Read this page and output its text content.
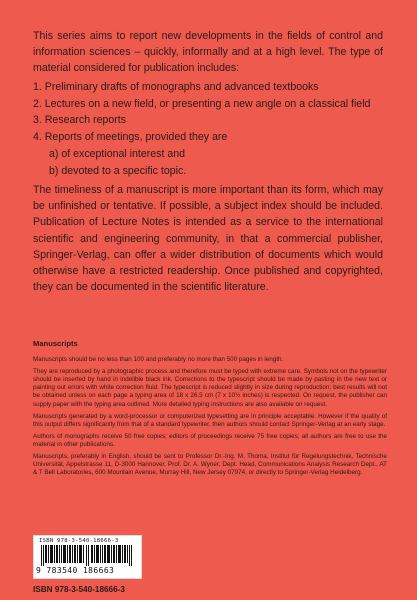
This series aims to report new developments in the fields of control and information sciences – quickly, informally and at a high level. The type of material considered for publication includes:

1. Preliminary drafts of monographs and advanced textbooks
2. Lectures on a new field, or presenting a new angle on a classical field
3. Research reports
4. Reports of meetings, provided they are
a) of exceptional interest and
b) devoted to a specific topic.

The timeliness of a manuscript is more important than its form, which may be unfinished or tentative. If possible, a subject index should be included. Publication of Lecture Notes is intended as a service to the international scientific and engineering community, in that a commercial publisher, Springer-Verlag, can offer a wider distribution of documents which would otherwise have a restricted readership. Once published and copyrighted, they can be documented in the scientific literature.

Manuscripts

Manuscripts should be no less than 100 and preferably no more than 500 pages in length.

They are reproduced by a photographic process and therefore must be typed with extreme care. Symbols not on the typewriter should be inserted by hand in indelible black ink. Corrections to the typescript should be made by pasting in the new text or painting out errors with white correction fluid. The typescript is reduced slightly in size during reproduction; best results will not be obtained unless on each page a typing area of 18 x 26.5 cm (7 x 10½ inches) is respected. On request, the publisher can supply paper with the typing area outlined. More detailed typing instructions are also available on request.

Manuscripts generated by a word-processor or computerized typesetting are in principle acceptable. However if the quality of this output differs significantly from that of a standard typewriter, then authors should contact Springer-Verlag at an early stage.

Authors of monographs receive 50 free copies; editors of proceedings receive 75 free copies; all authors are free to use the material in other publications.

Manuscripts, preferably in English, should be sent to Professor Dr.-Ing. M. Thoma, Institut für Regelungstechnik, Technische Universität, Appelstrasse 11, D-3000 Hannover. Prof. Dr. A. Wyner, Dept. Head, Communications Analysis Research Dept., AT & T Bell Laboratories, 600 Mountain Avenue, Murray Hill, New Jersey 07974, or directly to Springer-Verlag Heidelberg.

ISBN 978-3-540-18666-3
9 783540 186663
ISBN 978-3-540-18666-3
